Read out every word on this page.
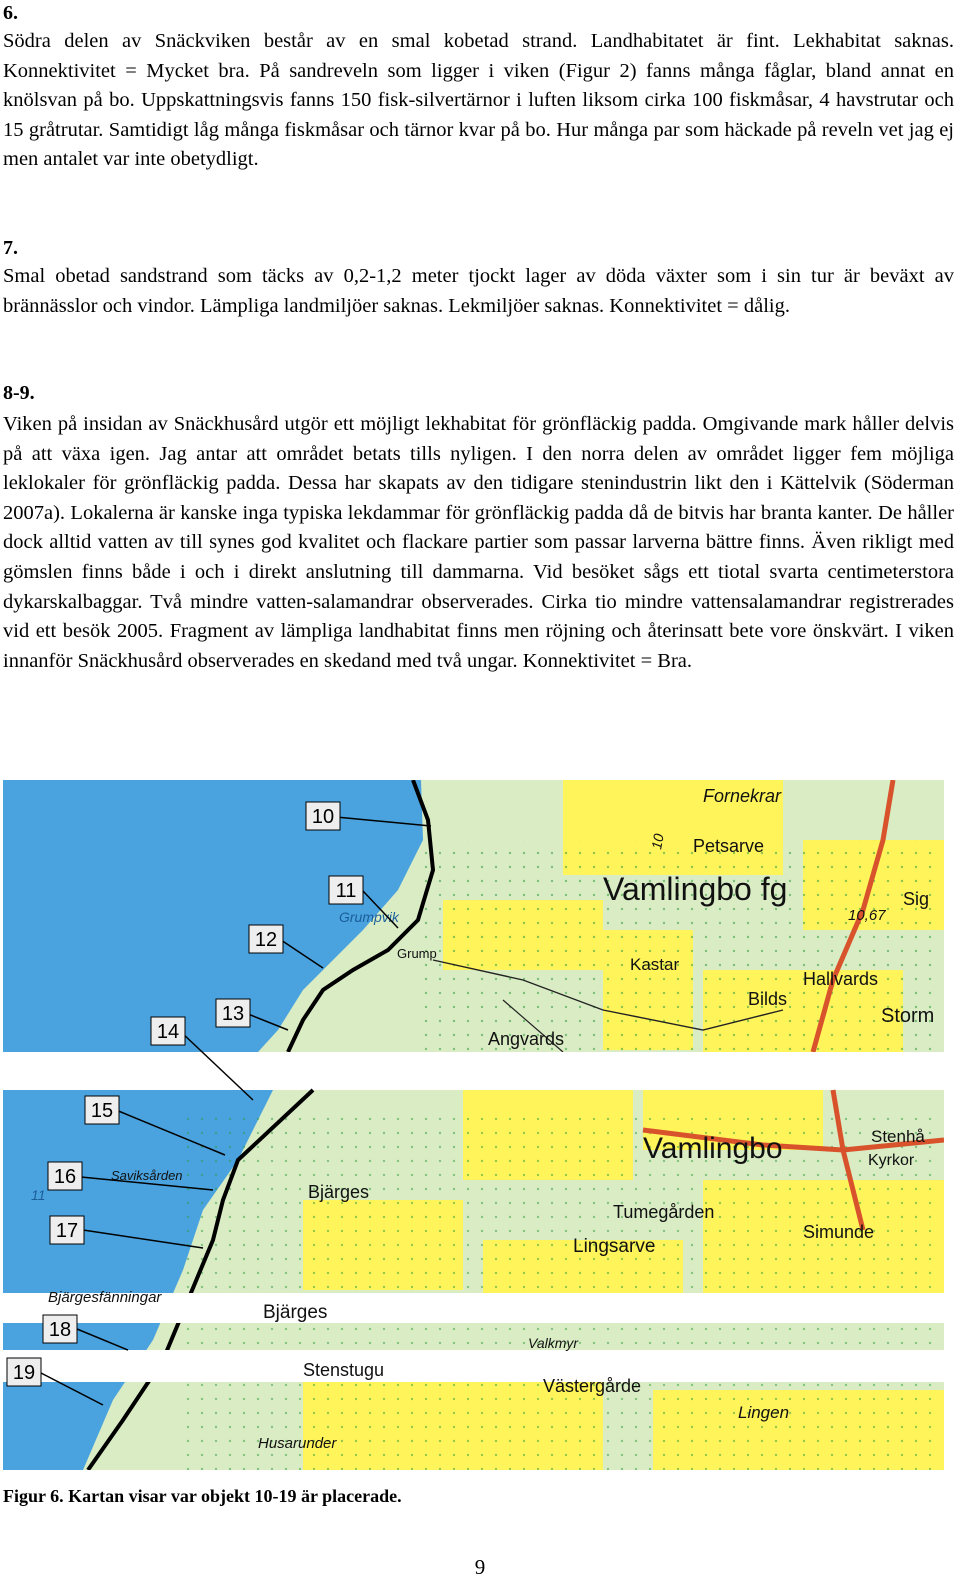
6.

Södra delen av Snäckviken består av en smal kobetad strand. Landhabitatet är fint. Lekhabitat saknas. Konnektivitet = Mycket bra. På sandreveln som ligger i viken (Figur 2) fanns många fåglar, bland annat en knölsvan på bo. Uppskattningsvis fanns 150 fisk-silvertärnor i luften liksom cirka 100 fiskmåsar, 4 havstrutar och 15 gråtrutar. Samtidigt låg många fiskmåsar och tärnor kvar på bo. Hur många par som häckade på reveln vet jag ej men antalet var inte obetydligt.

7.

Smal obetad sandstrand som täcks av 0,2-1,2 meter tjockt lager av döda växter som i sin tur är beväxt av brännässlor och vindor. Lämpliga landmiljöer saknas. Lekmiljöer saknas. Konnektivitet = dålig.

8-9.

Viken på insidan av Snäckhusård utgör ett möjligt lekhabitat för grönfläckig padda. Omgivande mark håller delvis på att växa igen. Jag antar att området betats tills nyligen. I den norra delen av området ligger fem möjliga leklokaler för grönfläckig padda. Dessa har skapats av den tidigare stenindustrin likt den i Kättelvik (Söderman 2007a). Lokalerna är kanske inga typiska lekdammar för grönfläckig padda då de bitvis har branta kanter. De håller dock alltid vatten av till synes god kvalitet och flackare partier som passar larverna bättre finns. Även rikligt med gömslen finns både i och i direkt anslutning till dammarna. Vid besöket sågs ett tiotal svarta centimeterstora dykarskalbaggar. Två mindre vatten-salamandrar observerades. Cirka tio mindre vattensalamandrar registrerades vid ett besök 2005. Fragment av lämpliga landhabitat finns men röjning och återinsatt bete vore önskvärt. I viken innanför Snäckhusård observerades en skedand med två ungar. Konnektivitet = Bra.

Fornekrar
Petsarve
Vamlingbo fg	Sig
10,67
Grumpvik
Grump
Kastar
Hallvards
Bilds
Storm
Angvards
Vamlingbo	Stenhå
Kyrkor
Saviksården
Bjärges
Tumegården
Simunde
Lingsarve
Valkmyr
Bjärgesfänningar
Bjärges
Stenstugu
Västergårde
Lingen
Husarunder
10
11
10
11
12
13
14
15
16
17
18
19
Figur 6. Kartan visar var objekt 10-19 är placerade.
9
